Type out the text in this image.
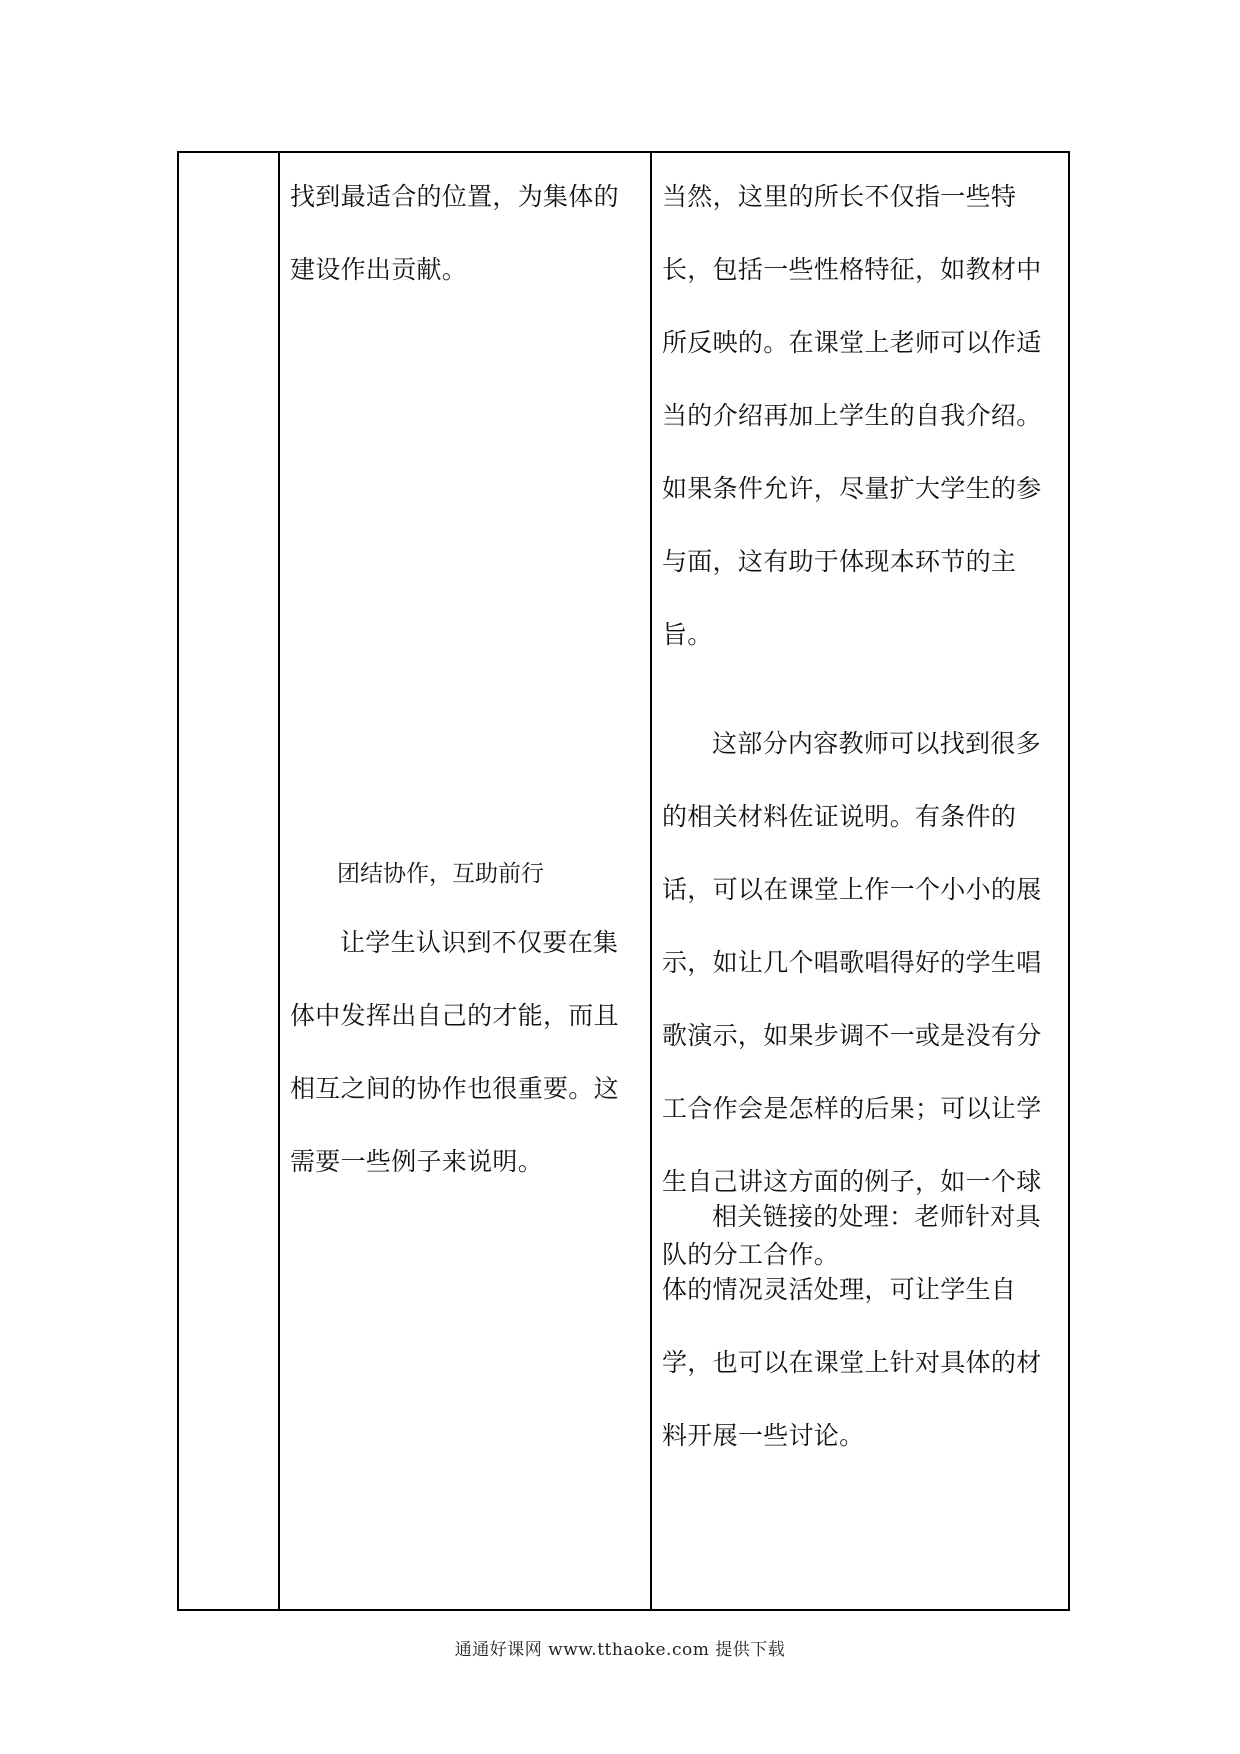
找到最适合的位置，为集体的建设作出贡献。

团结协作，互助前行

让学生认识到不仅要在集体中发挥出自己的才能，而且相互之间的协作也很重要。这需要一些例子来说明。

当然，这里的所长不仅指一些特长，包括一些性格特征，如教材中所反映的。在课堂上老师可以作适当的介绍再加上学生的自我介绍。如果条件允许，尽量扩大学生的参与面，这有助于体现本环节的主旨。

这部分内容教师可以找到很多的相关材料佐证说明。有条件的话，可以在课堂上作一个小小的展示，如让几个唱歌唱得好的学生唱歌演示，如果步调不一或是没有分工合作会是怎样的后果；可以让学生自己讲这方面的例子，如一个球队的分工合作。

相关链接的处理：老师针对具体的情况灵活处理，可让学生自学，也可以在课堂上针对具体的材料开展一些讨论。

通通好课网 www.tthaoke.com 提供下载
